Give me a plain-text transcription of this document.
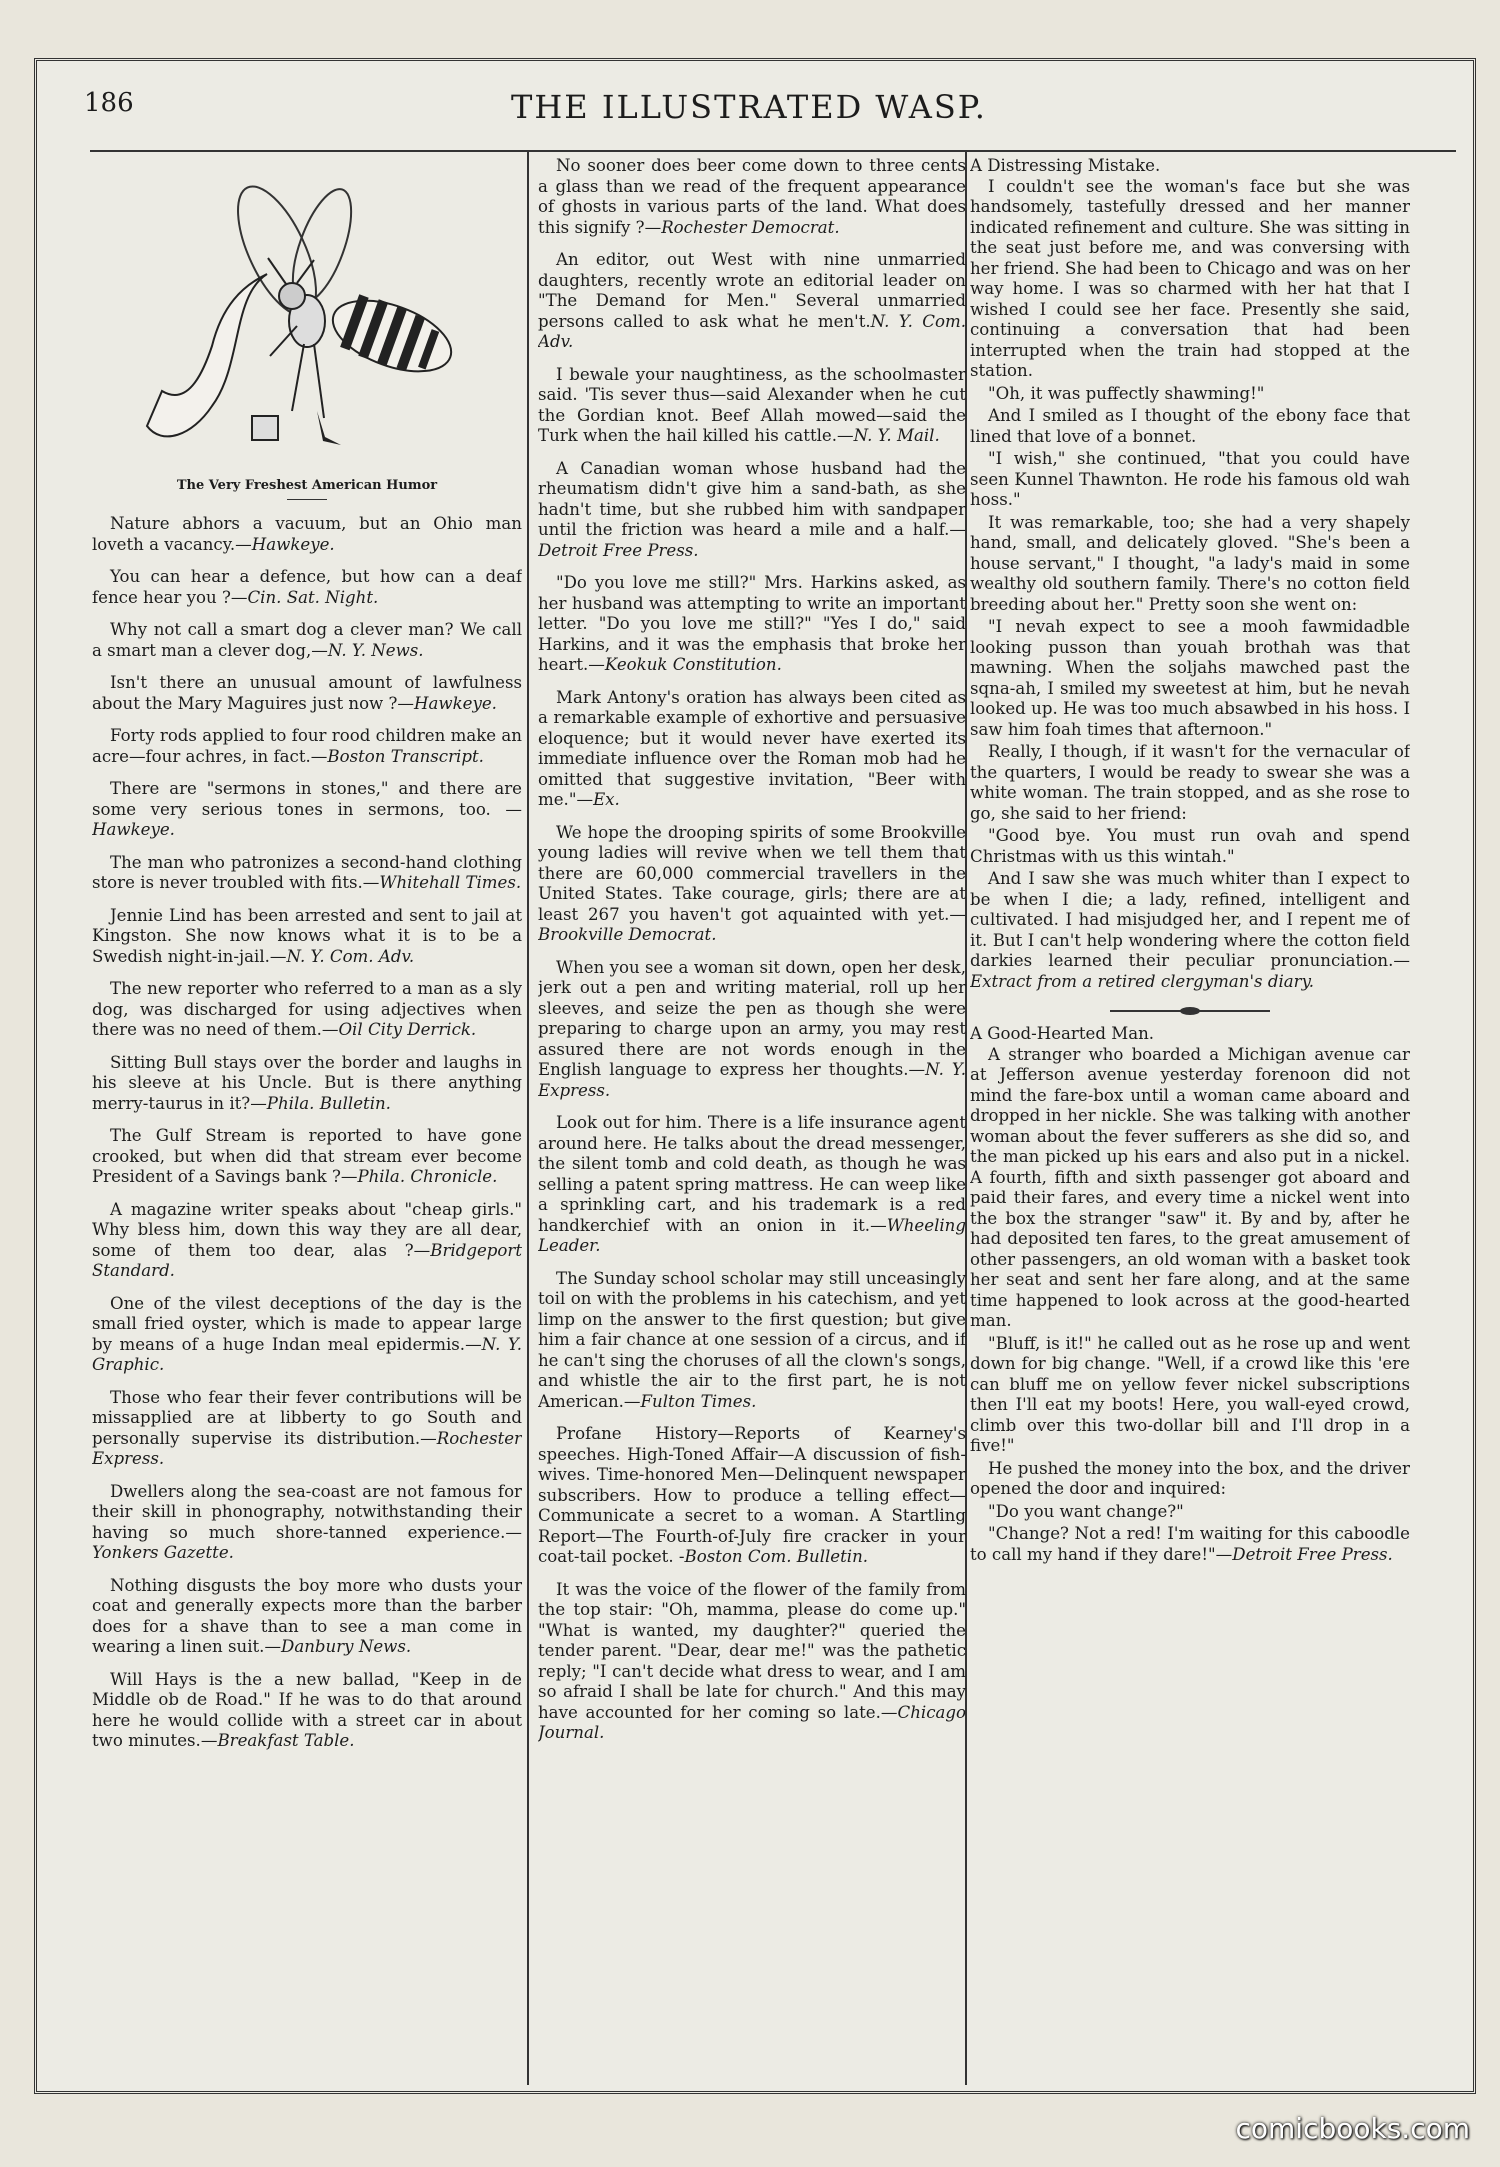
186	THE ILLUSTRATED WASP.
The Very Freshest American Humor

Nature abhors a vacuum, but an Ohio man loveth a vacancy.—Hawkeye.

You can hear a defence, but how can a deaf fence hear you ?—Cin. Sat. Night.

Why not call a smart dog a clever man? We call a smart man a clever dog,—N. Y. News.

Isn't there an unusual amount of lawfulness about the Mary Maguires just now ?—Hawkeye.

Forty rods applied to four rood children make an acre—four achres, in fact.—Boston Transcript.

There are "sermons in stones," and there are some very serious tones in sermons, too. —Hawkeye.

The man who patronizes a second-hand clothing store is never troubled with fits.—Whitehall Times.

Jennie Lind has been arrested and sent to jail at Kingston. She now knows what it is to be a Swedish night-in-jail.—N. Y. Com. Adv.

The new reporter who referred to a man as a sly dog, was discharged for using adjectives when there was no need of them.—Oil City Derrick.

Sitting Bull stays over the border and laughs in his sleeve at his Uncle. But is there anything merry-taurus in it?—Phila. Bulletin.

The Gulf Stream is reported to have gone crooked, but when did that stream ever become President of a Savings bank ?—Phila. Chronicle.

A magazine writer speaks about "cheap girls." Why bless him, down this way they are all dear, some of them too dear, alas ?—Bridgeport Standard.

One of the vilest deceptions of the day is the small fried oyster, which is made to appear large by means of a huge Indan meal epidermis.—N. Y. Graphic.

Those who fear their fever contributions will be missapplied are at libberty to go South and personally supervise its distribution.—Rochester Express.

Dwellers along the sea-coast are not famous for their skill in phonography, notwithstanding their having so much shore-tanned experience.—Yonkers Gazette.

Nothing disgusts the boy more who dusts your coat and generally expects more than the barber does for a shave than to see a man come in wearing a linen suit.—Danbury News.

Will Hays is the a new ballad, "Keep in de Middle ob de Road." If he was to do that around here he would collide with a street car in about two minutes.—Breakfast Table.

No sooner does beer come down to three cents a glass than we read of the frequent appearance of ghosts in various parts of the land. What does this signify ?—Rochester Democrat.

An editor, out West with nine unmarried daughters, recently wrote an editorial leader on "The Demand for Men." Several unmarried persons called to ask what he men't.N. Y. Com. Adv.

I bewale your naughtiness, as the schoolmaster said. 'Tis sever thus—said Alexander when he cut the Gordian knot. Beef Allah mowed—said the Turk when the hail killed his cattle.—N. Y. Mail.

A Canadian woman whose husband had the rheumatism didn't give him a sand-bath, as she hadn't time, but she rubbed him with sandpaper until the friction was heard a mile and a half.—Detroit Free Press.

"Do you love me still?" Mrs. Harkins asked, as her husband was attempting to write an important letter. "Do you love me still?" "Yes I do," said Harkins, and it was the emphasis that broke her heart.—Keokuk Constitution.

Mark Antony's oration has always been cited as a remarkable example of exhortive and persuasive eloquence; but it would never have exerted its immediate influence over the Roman mob had he omitted that suggestive invitation, "Beer with me."—Ex.

We hope the drooping spirits of some Brookville young ladies will revive when we tell them that there are 60,000 commercial travellers in the United States. Take courage, girls; there are at least 267 you haven't got aquainted with yet.—Brookville Democrat.

When you see a woman sit down, open her desk, jerk out a pen and writing material, roll up her sleeves, and seize the pen as though she were preparing to charge upon an army, you may rest assured there are not words enough in the English language to express her thoughts.—N. Y. Express.

Look out for him. There is a life insurance agent around here. He talks about the dread messenger, the silent tomb and cold death, as though he was selling a patent spring mattress. He can weep like a sprinkling cart, and his trademark is a red handkerchief with an onion in it.—Wheeling Leader.

The Sunday school scholar may still unceasingly toil on with the problems in his catechism, and yet limp on the answer to the first question; but give him a fair chance at one session of a circus, and if he can't sing the choruses of all the clown's songs, and whistle the air to the first part, he is not American.—Fulton Times.

Profane History—Reports of Kearney's speeches. High-Toned Affair—A discussion of fish-wives. Time-honored Men—Delinquent newspaper subscribers. How to produce a telling effect—Communicate a secret to a woman. A Startling Report—The Fourth-of-July fire cracker in your coat-tail pocket. -Boston Com. Bulletin.

It was the voice of the flower of the family from the top stair: "Oh, mamma, please do come up." "What is wanted, my daughter?" queried the tender parent. "Dear, dear me!" was the pathetic reply; "I can't decide what dress to wear, and I am so afraid I shall be late for church." And this may have accounted for her coming so late.—Chicago Journal.

A Distressing Mistake.

I couldn't see the woman's face but she was handsomely, tastefully dressed and her manner indicated refinement and culture. She was sitting in the seat just before me, and was conversing with her friend. She had been to Chicago and was on her way home. I was so charmed with her hat that I wished I could see her face. Presently she said, continuing a conversation that had been interrupted when the train had stopped at the station.

"Oh, it was puffectly shawming!"

And I smiled as I thought of the ebony face that lined that love of a bonnet.

"I wish," she continued, "that you could have seen Kunnel Thawnton. He rode his famous old wah hoss."

It was remarkable, too; she had a very shapely hand, small, and delicately gloved. "She's been a house servant," I thought, "a lady's maid in some wealthy old southern family. There's no cotton field breeding about her." Pretty soon she went on:

"I nevah expect to see a mooh fawmidadble looking pusson than youah brothah was that mawning. When the soljahs mawched past the sqna-ah, I smiled my sweetest at him, but he nevah looked up. He was too much absawbed in his hoss. I saw him foah times that afternoon."

Really, I though, if it wasn't for the vernacular of the quarters, I would be ready to swear she was a white woman. The train stopped, and as she rose to go, she said to her friend:

"Good bye. You must run ovah and spend Christmas with us this wintah."

And I saw she was much whiter than I expect to be when I die; a lady, refined, intelligent and cultivated. I had misjudged her, and I repent me of it. But I can't help wondering where the cotton field darkies learned their peculiar pronunciation.—Extract from a retired clergyman's diary.

A Good-Hearted Man.

A stranger who boarded a Michigan avenue car at Jefferson avenue yesterday forenoon did not mind the fare-box until a woman came aboard and dropped in her nickle. She was talking with another woman about the fever sufferers as she did so, and the man picked up his ears and also put in a nickel. A fourth, fifth and sixth passenger got aboard and paid their fares, and every time a nickel went into the box the stranger "saw" it. By and by, after he had deposited ten fares, to the great amusement of other passengers, an old woman with a basket took her seat and sent her fare along, and at the same time happened to look across at the good-hearted man.

"Bluff, is it!" he called out as he rose up and went down for big change. "Well, if a crowd like this 'ere can bluff me on yellow fever nickel subscriptions then I'll eat my boots! Here, you wall-eyed crowd, climb over this two-dollar bill and I'll drop in a five!"

He pushed the money into the box, and the driver opened the door and inquired:

"Do you want change?"

"Change? Not a red! I'm waiting for this caboodle to call my hand if they dare!"—Detroit Free Press.

comicbooks.com
